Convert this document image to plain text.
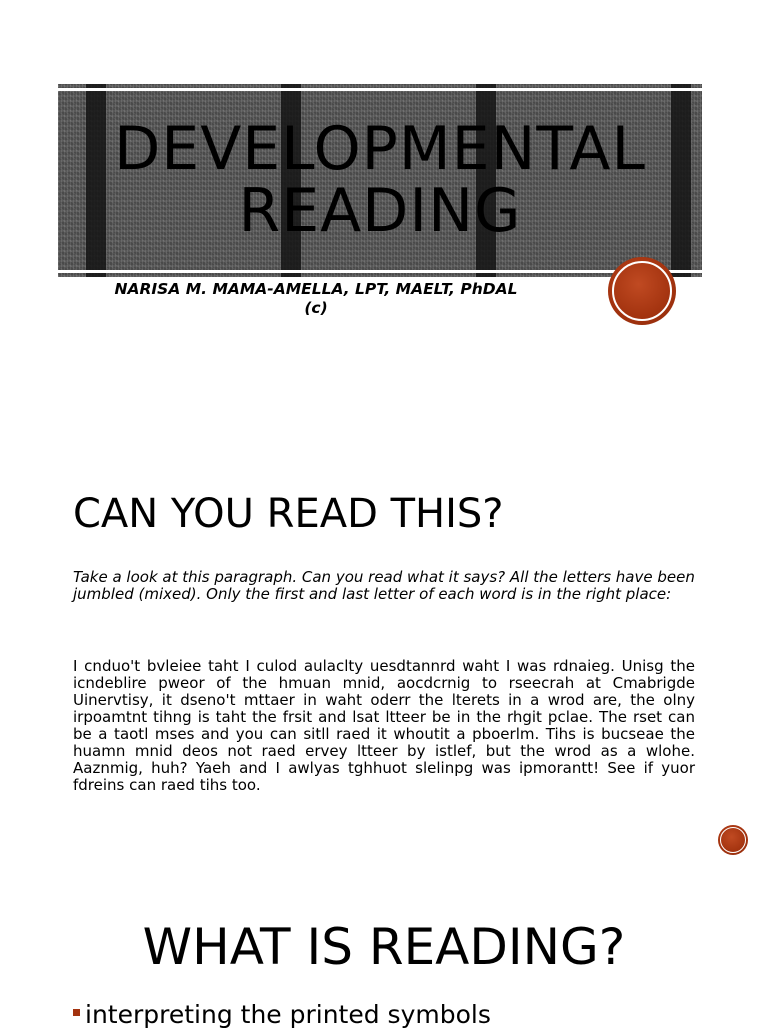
DEVELOPMENTAL
READING
NARISA M. MAMA-AMELLA, LPT, MAELT, PhDAL
(c)
CAN YOU READ THIS?
Take a look at this paragraph. Can you read what it says? All the letters have been jumbled (mixed). Only the first and last letter of each word is in the right place:
I cnduo't bvleiee taht I culod aulaclty uesdtannrd waht I was rdnaieg. Unisg the icndeblire pweor of the hmuan mnid, aocdcrnig to rseecrah at Cmabrigde Uinervtisy, it dseno't mttaer in waht oderr the lterets in a wrod are, the olny irpoamtnt tihng is taht the frsit and lsat ltteer be in the rhgit pclae. The rset can be a taotl mses and you can sitll raed it whoutit a pboerlm. Tihs is bucseae the huamn mnid deos not raed ervey ltteer by istlef, but the wrod as a wlohe. Aaznmig, huh? Yaeh and I awlyas tghhuot slelinpg was ipmorantt! See if yuor fdreins can raed tihs too.
WHAT IS READING?
interpreting the printed symbols
